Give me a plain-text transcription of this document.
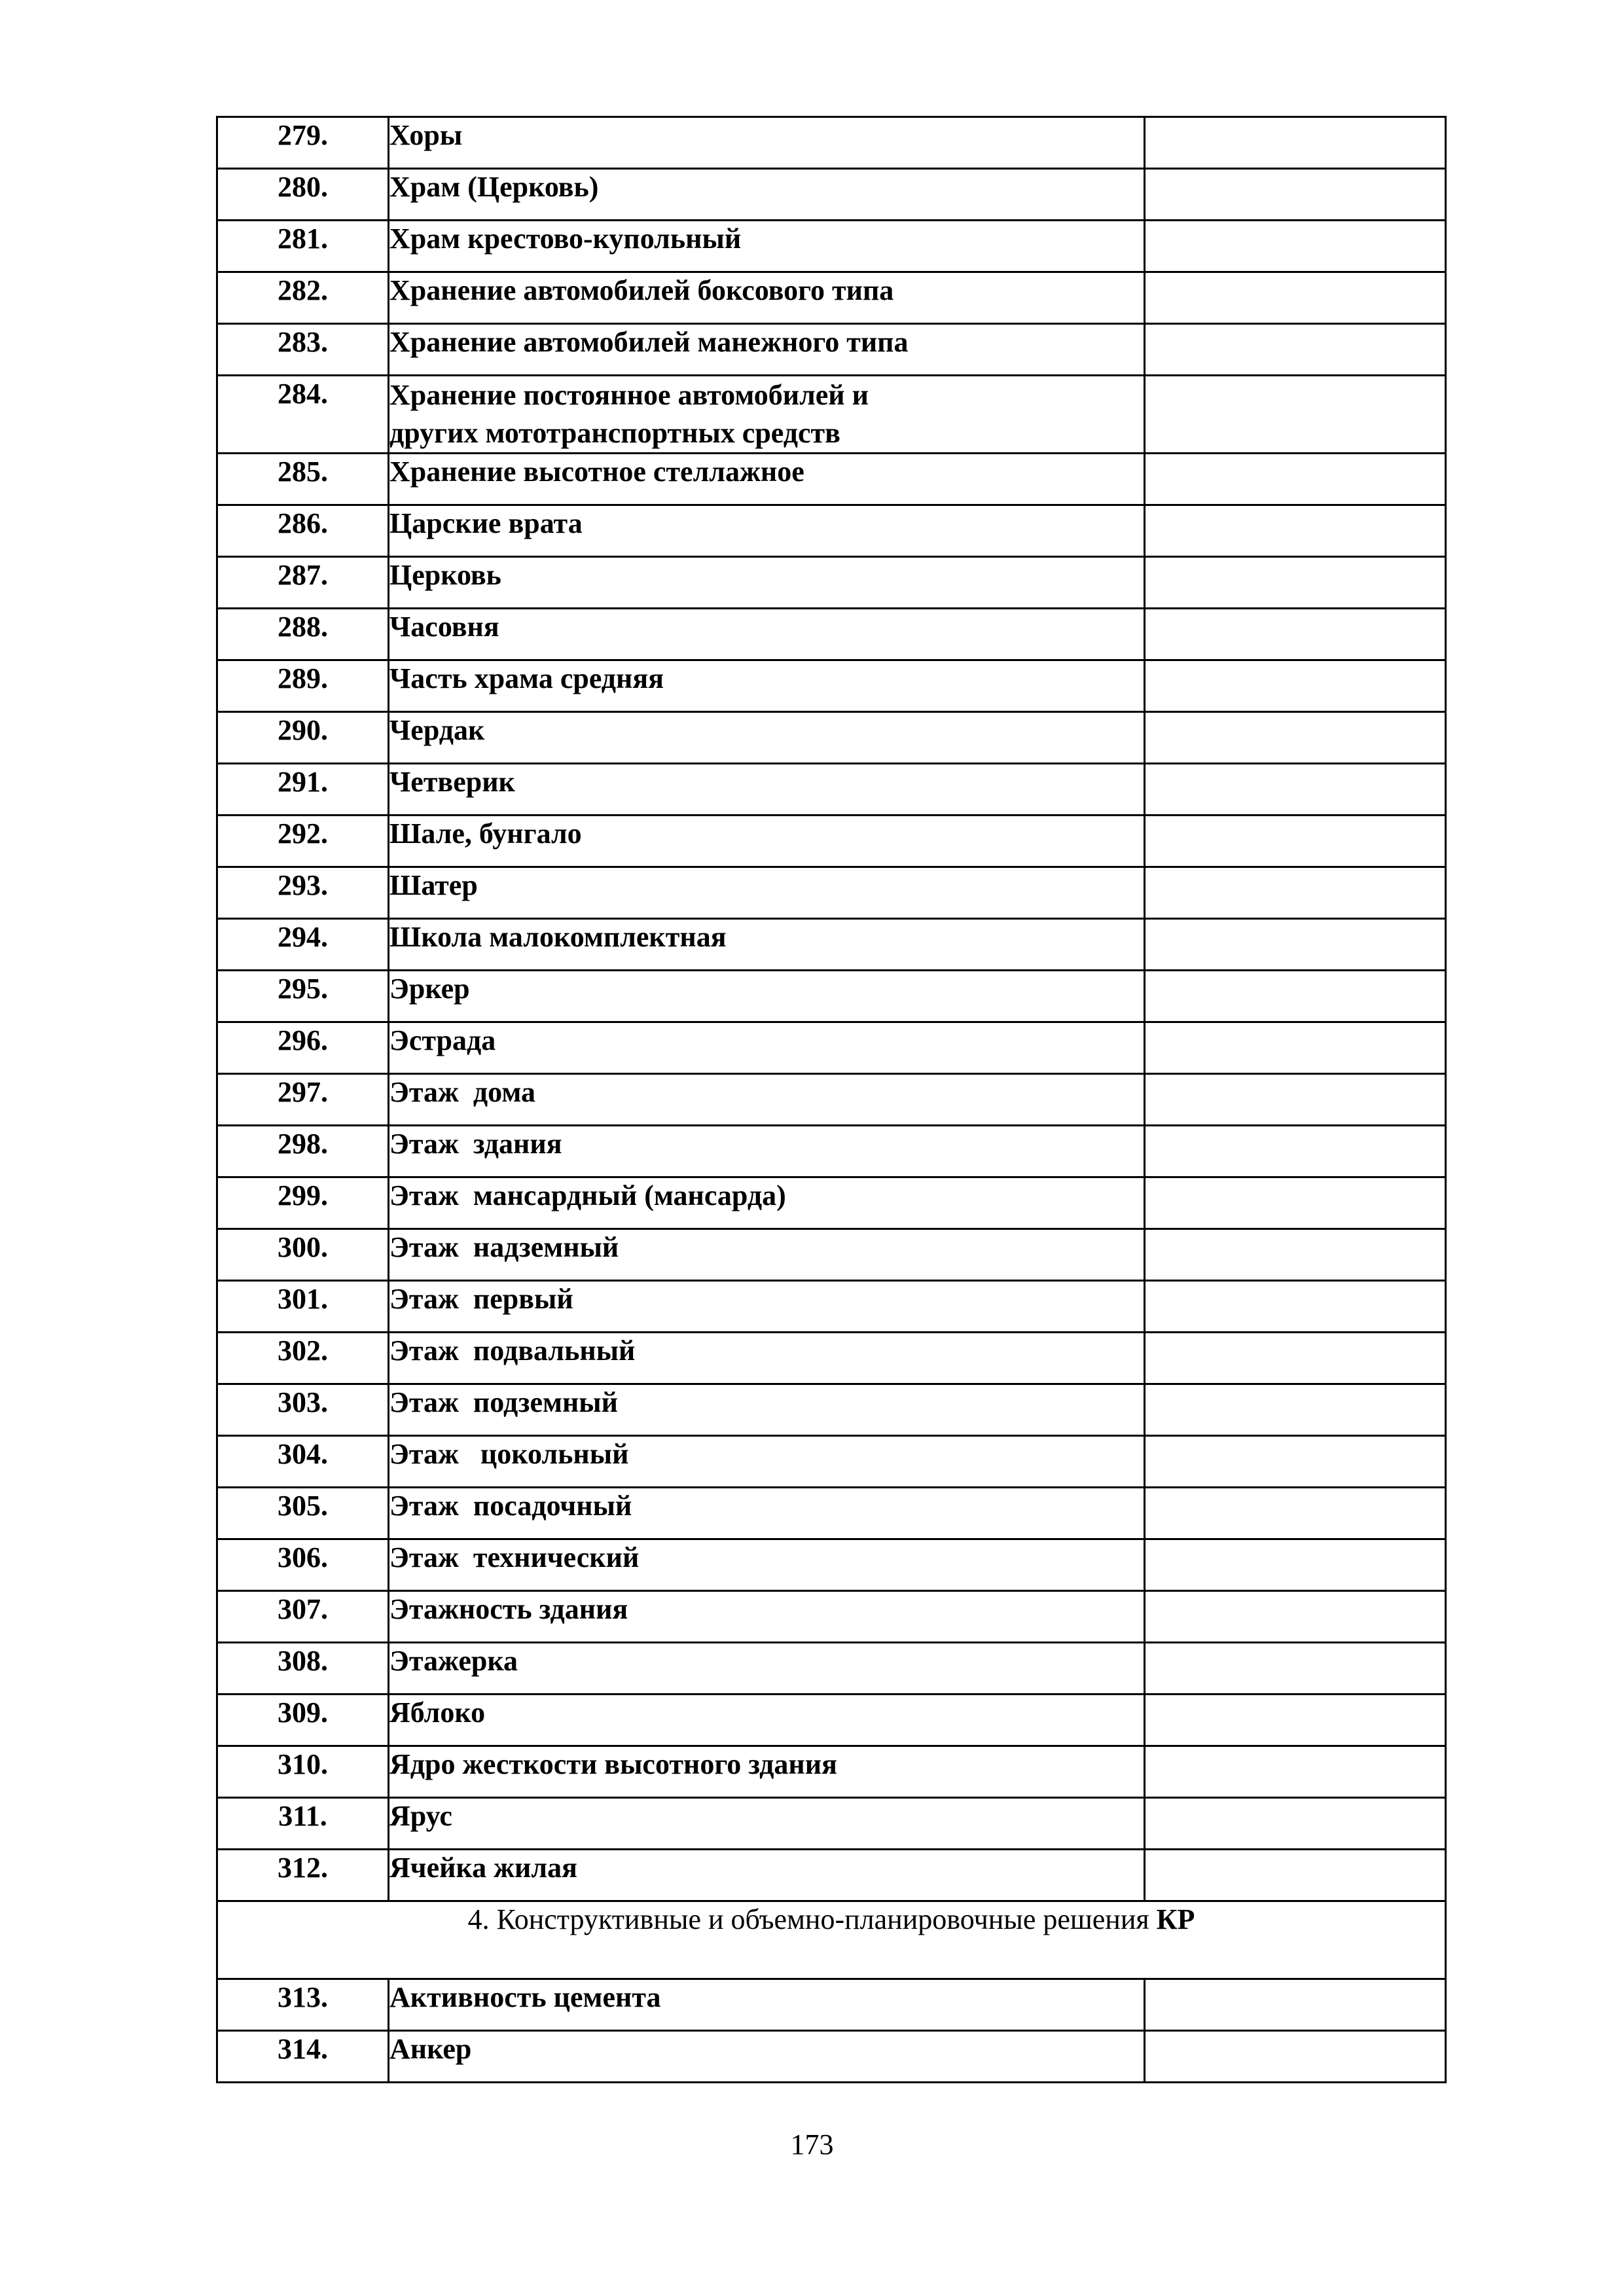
279.	Хоры	
280.	Храм (Церковь)	
281.	Храм крестово-купольный	
282.	Хранение автомобилей боксового типа	
283.	Хранение автомобилей манежного типа	
284.	Хранение постоянное автомобилей и
других мототранспортных средств	
285.	Хранение высотное стеллажное	
286.	Царские врата	
287.	Церковь	
288.	Часовня	
289.	Часть храма средняя	
290.	Чердак	
291.	Четверик	
292.	Шале, бунгало	
293.	Шатер	
294.	Школа малокомплектная	
295.	Эркер	
296.	Эстрада	
297.	Этаж  дома	
298.	Этаж  здания	
299.	Этаж  мансардный (мансарда)	
300.	Этаж  надземный	
301.	Этаж  первый	
302.	Этаж  подвальный	
303.	Этаж  подземный	
304.	Этаж   цокольный	
305.	Этаж  посадочный	
306.	Этаж  технический	
307.	Этажность здания	
308.	Этажерка	
309.	Яблоко	
310.	Ядро жесткости высотного здания	
311.	Ярус	
312.	Ячейка жилая	
4. Конструктивные и объемно-планировочные решения КР		
313.	Активность цемента	
314.	Анкер	
173
